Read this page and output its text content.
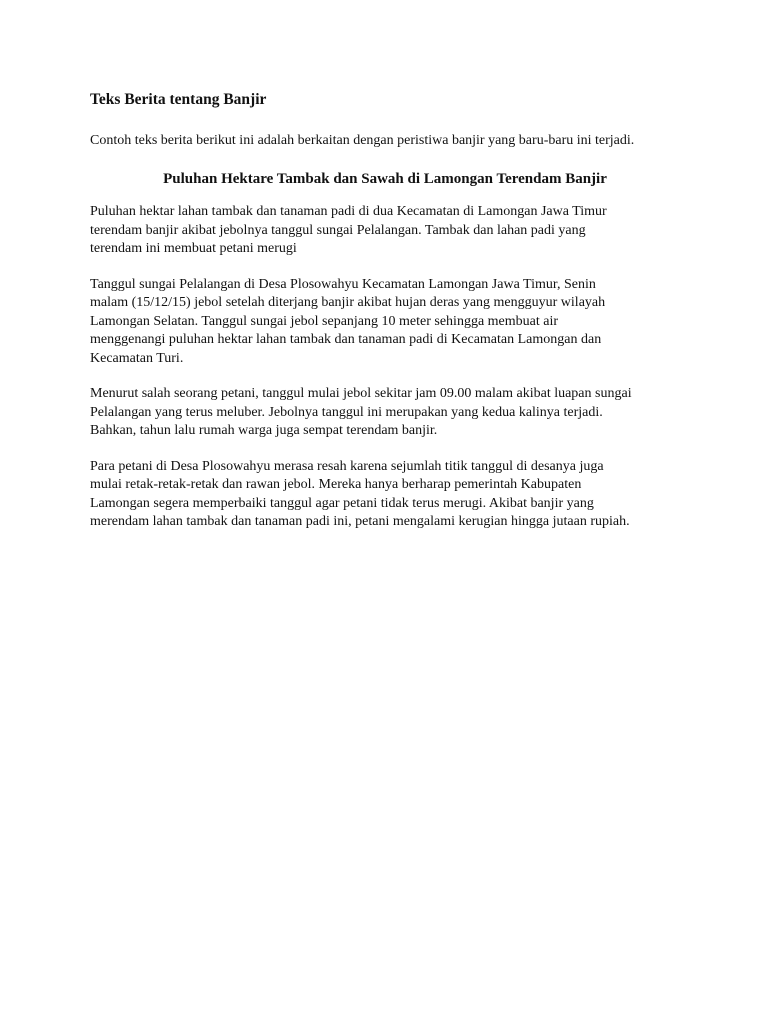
Teks Berita tentang Banjir
Contoh teks berita berikut ini adalah berkaitan dengan peristiwa banjir yang baru-baru ini terjadi.
Puluhan Hektare Tambak dan Sawah di Lamongan Terendam Banjir
Puluhan hektar lahan tambak dan tanaman padi di dua Kecamatan di Lamongan Jawa Timur
terendam banjir akibat jebolnya tanggul sungai Pelalangan. Tambak dan lahan padi yang
terendam ini membuat petani merugi
Tanggul sungai Pelalangan di Desa Plosowahyu Kecamatan Lamongan Jawa Timur, Senin
malam (15/12/15) jebol setelah diterjang banjir akibat hujan deras yang mengguyur wilayah
Lamongan Selatan. Tanggul sungai jebol sepanjang 10 meter sehingga membuat air
menggenangi puluhan hektar lahan tambak dan tanaman padi di Kecamatan Lamongan dan
Kecamatan Turi.
Menurut salah seorang petani, tanggul mulai jebol sekitar jam 09.00 malam akibat luapan sungai
Pelalangan yang terus meluber. Jebolnya tanggul ini merupakan yang kedua kalinya terjadi.
Bahkan, tahun lalu rumah warga juga sempat terendam banjir.
Para petani di Desa Plosowahyu merasa resah karena sejumlah titik tanggul di desanya juga
mulai retak-retak-retak dan rawan jebol. Mereka hanya berharap pemerintah Kabupaten
Lamongan segera memperbaiki tanggul agar petani tidak terus merugi. Akibat banjir yang
merendam lahan tambak dan tanaman padi ini, petani mengalami kerugian hingga jutaan rupiah.
